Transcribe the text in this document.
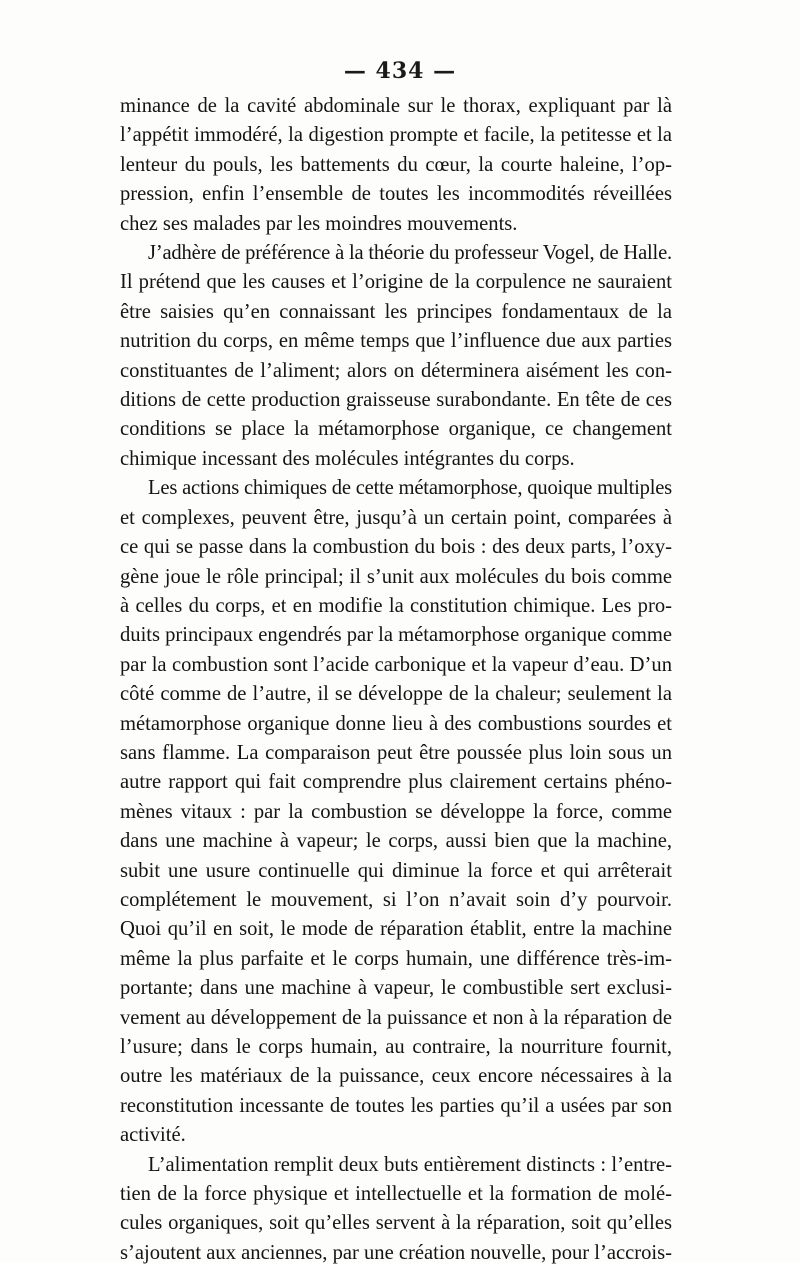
— 434 —
minance de la cavité abdominale sur le thorax, expliquant par là
l’appétit immodéré, la digestion prompte et facile, la petitesse et la
lenteur du pouls, les battements du cœur, la courte haleine, l’op-
pression, enfin l’ensemble de toutes les incommodités réveillées
chez ses malades par les moindres mouvements.
J’adhère de préférence à la théorie du professeur Vogel, de Halle.
Il prétend que les causes et l’origine de la corpulence ne sauraient
être saisies qu’en connaissant les principes fondamentaux de la
nutrition du corps, en même temps que l’influence due aux parties
constituantes de l’aliment; alors on déterminera aisément les con-
ditions de cette production graisseuse surabondante. En tête de ces
conditions se place la métamorphose organique, ce changement
chimique incessant des molécules intégrantes du corps.
Les actions chimiques de cette métamorphose, quoique multiples
et complexes, peuvent être, jusqu’à un certain point, comparées à
ce qui se passe dans la combustion du bois : des deux parts, l’oxy-
gène joue le rôle principal; il s’unit aux molécules du bois comme
à celles du corps, et en modifie la constitution chimique. Les pro-
duits principaux engendrés par la métamorphose organique comme
par la combustion sont l’acide carbonique et la vapeur d’eau. D’un
côté comme de l’autre, il se développe de la chaleur; seulement la
métamorphose organique donne lieu à des combustions sourdes et
sans flamme. La comparaison peut être poussée plus loin sous un
autre rapport qui fait comprendre plus clairement certains phéno-
mènes vitaux : par la combustion se développe la force, comme
dans une machine à vapeur; le corps, aussi bien que la machine,
subit une usure continuelle qui diminue la force et qui arrêterait
complétement le mouvement, si l’on n’avait soin d’y pourvoir.
Quoi qu’il en soit, le mode de réparation établit, entre la machine
même la plus parfaite et le corps humain, une différence très-im-
portante; dans une machine à vapeur, le combustible sert exclusi-
vement au développement de la puissance et non à la réparation de
l’usure; dans le corps humain, au contraire, la nourriture fournit,
outre les matériaux de la puissance, ceux encore nécessaires à la
reconstitution incessante de toutes les parties qu’il a usées par son
activité.
L’alimentation remplit deux buts entièrement distincts : l’entre-
tien de la force physique et intellectuelle et la formation de molé-
cules organiques, soit qu’elles servent à la réparation, soit qu’elles
s’ajoutent aux anciennes, par une création nouvelle, pour l’accrois-
